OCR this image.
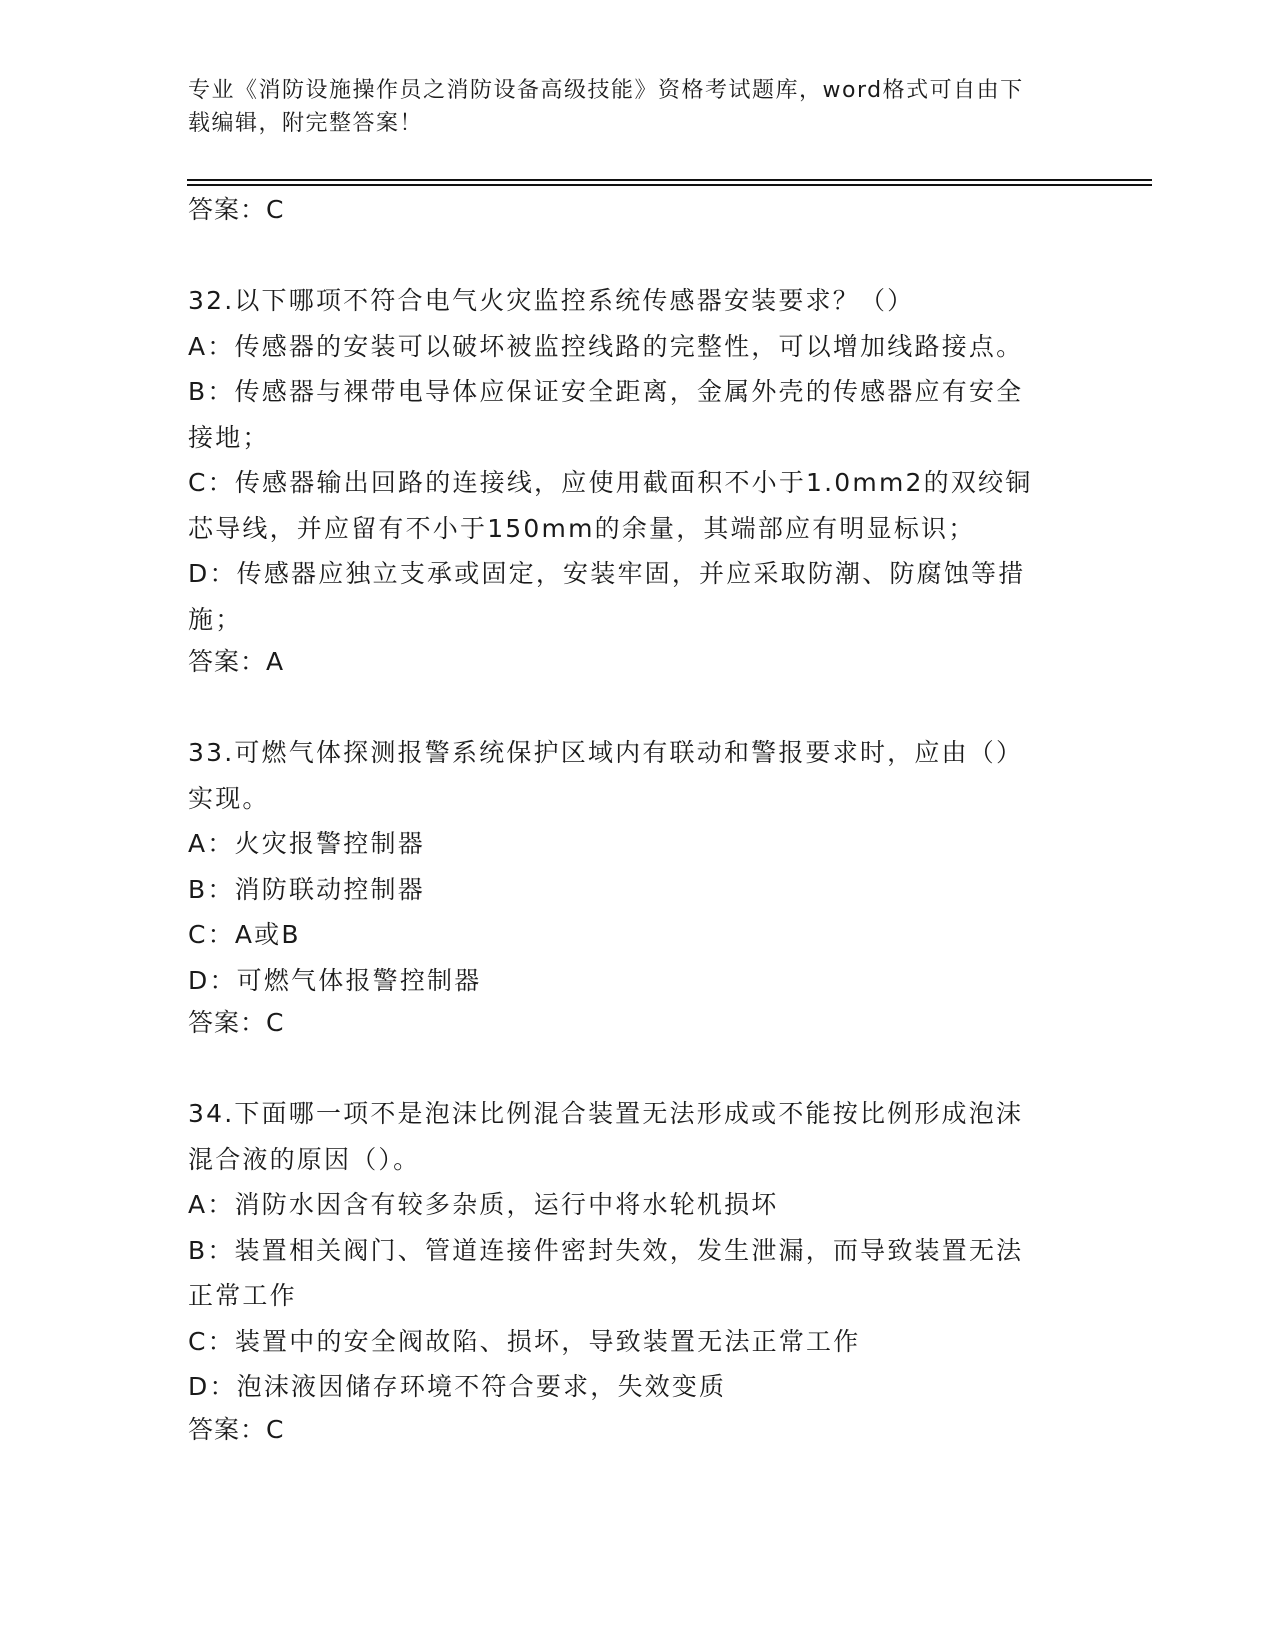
专业《消防设施操作员之消防设备高级技能》资格考试题库，word格式可自由下
载编辑，附完整答案！

答案：C

32.以下哪项不符合电气火灾监控系统传感器安装要求？（）

A：传感器的安装可以破坏被监控线路的完整性，可以增加线路接点。

B：传感器与裸带电导体应保证安全距离，金属外壳的传感器应有安全

接地；

C：传感器输出回路的连接线，应使用截面积不小于1.0mm2的双绞铜

芯导线，并应留有不小于150mm的余量，其端部应有明显标识；

D：传感器应独立支承或固定，安装牢固，并应采取防潮、防腐蚀等措

施；

答案：A

33.可燃气体探测报警系统保护区域内有联动和警报要求时，应由（）

实现。

A：火灾报警控制器

B：消防联动控制器

C：A或B

D：可燃气体报警控制器

答案：C

34.下面哪一项不是泡沫比例混合装置无法形成或不能按比例形成泡沫

混合液的原因（）。

A：消防水因含有较多杂质，运行中将水轮机损坏

B：装置相关阀门、管道连接件密封失效，发生泄漏，而导致装置无法

正常工作

C：装置中的安全阀故陷、损坏，导致装置无法正常工作

D：泡沫液因储存环境不符合要求，失效变质

答案：C
